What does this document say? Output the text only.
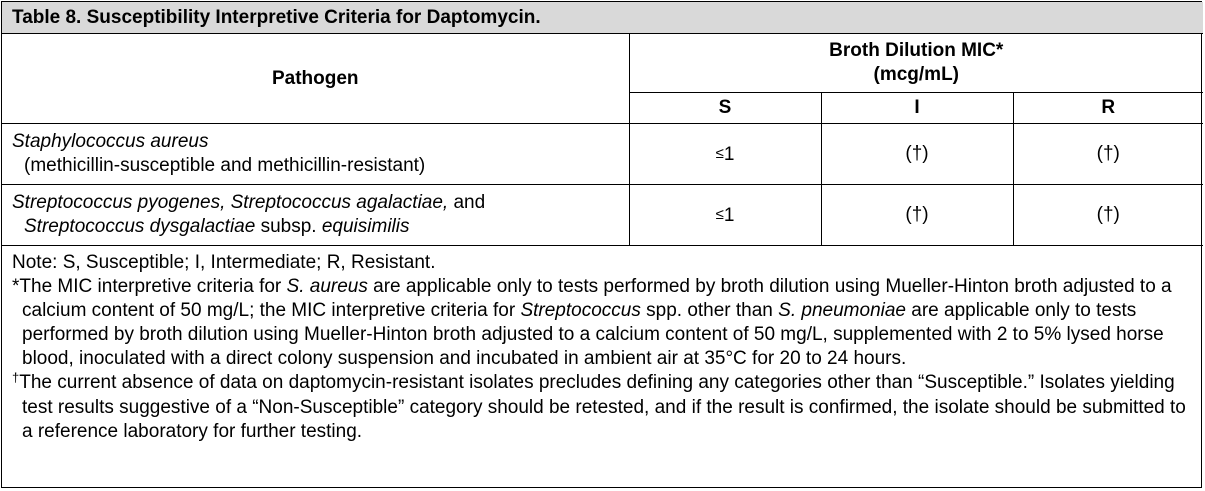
Table 8. Susceptibility Interpretive Criteria for Daptomycin.			
Pathogen	Broth Dilution MIC*
(mcg/mL)		
	S	I	R
Staphylococcus aureus
(methicillin-susceptible and methicillin-resistant)	≤1	(†)	(†)
Streptococcus pyogenes, Streptococcus agalactiae, and
Streptococcus dysgalactiae subsp. equisimilis	≤1	(†)	(†)

Note: S, Susceptible; I, Intermediate; R, Resistant.
*The MIC interpretive criteria for S. aureus are applicable only to tests performed by broth dilution using Mueller-Hinton broth adjusted to a calcium content of 50 mg/L; the MIC interpretive criteria for Streptococcus spp. other than S. pneumoniae are applicable only to tests performed by broth dilution using Mueller-Hinton broth adjusted to a calcium content of 50 mg/L, supplemented with 2 to 5% lysed horse blood, inoculated with a direct colony suspension and incubated in ambient air at 35°C for 20 to 24 hours.
†The current absence of data on daptomycin-resistant isolates precludes defining any categories other than “Susceptible.” Isolates yielding test results suggestive of a “Non-Susceptible” category should be retested, and if the result is confirmed, the isolate should be submitted to a reference laboratory for further testing.			
